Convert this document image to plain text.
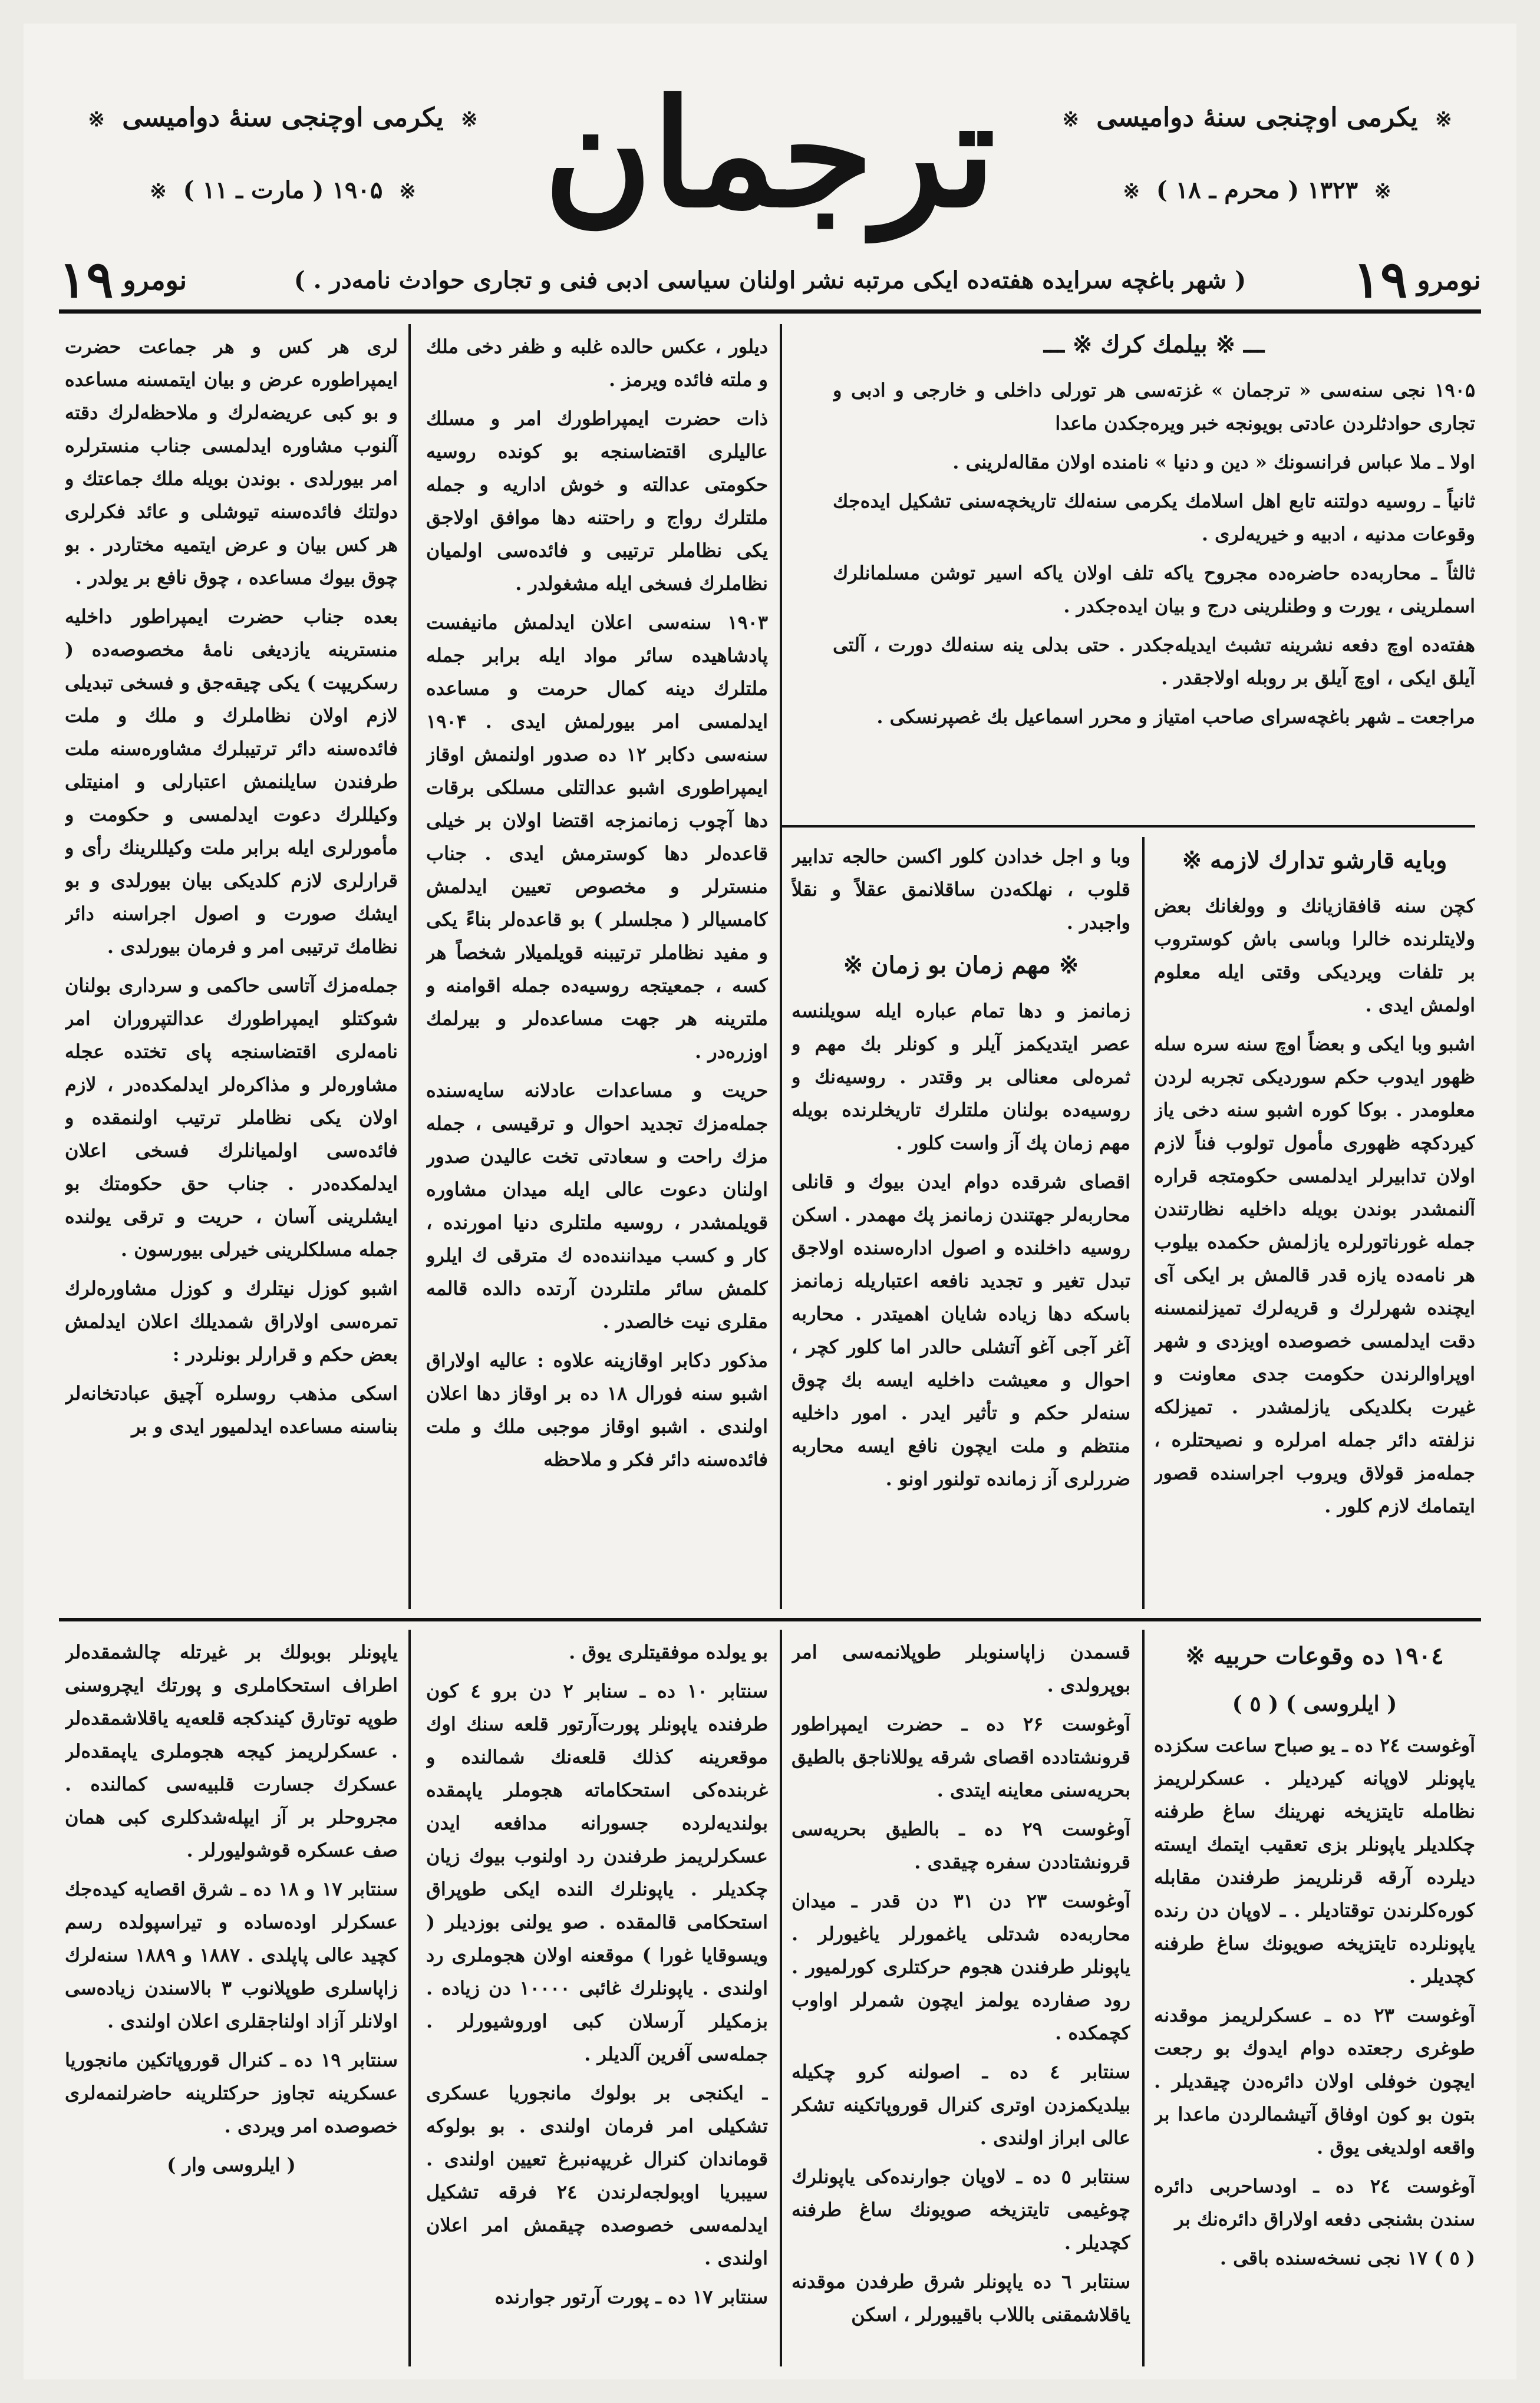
ترجمان	※ یكرمی اوچنجی سنۀ دوامیسی ※
※ ۱۳۲۳ ( محرم ـ ۱۸ ) ※
※ یكرمی اوچنجی سنۀ دوامیسی ※
※ ۱۹۰۵ ( مارت ـ ۱۱ ) ※
نومرو
۱۹
( شهر باغچه سرایده هفته‌ده ایكی مرتبه نشر اولنان سیاسی ادبی فنی و تجاری حوادث نامه‌در . )
نومرو
۱۹
ـــ ※ بیلمك كرك ※ ـــ

۱۹۰۵ نجی سنه‌سی « ترجمان » غزته‌سی هر تورلی داخلی و خارجی و ادبی و تجاری حوادثلردن عادتی بویونجه خبر ویره‌جكدن ماعدا

اولا ـ ملا عباس فرانسونك « دین و دنیا » نامنده اولان مقاله‌لرینی .

ثانیاً ـ روسیه دولتنه تابع اهل اسلامك یكرمی سنه‌لك تاریخچه‌سنی تشكیل ایده‌جك وقوعات مدنیه ، ادبیه و خیریه‌لری .

ثالثاً ـ محاربه‌ده حاضره‌ده مجروح یاكه تلف اولان یاكه اسیر توشن مسلمانلرك اسملرینی ، یورت و وطنلرینی درج و بیان ایده‌جكدر .

هفته‌ده اوچ دفعه نشرینه تشبث ایدیله‌جكدر . حتی بدلی ینه سنه‌لك دورت ، آلتی آیلق ایكی ، اوچ آیلق بر روبله اولاجقدر .

مراجعت ـ شهر باغچه‌سرای صاحب امتیاز و محرر اسماعیل بك غصپرنسكی .

دیلور ، عكس حالده غلبه و ظفر دخی ملك و ملته فائده ویرمز .

ذات حضرت ایمپراطورك امر و مسلك عالیلری اقتضاسنجه بو كونده روسیه حكومتی عدالته و خوش اداریه و جمله ملتلرك رواج و راحتنه دها موافق اولاجق یكی نظاملر ترتیبی و فائده‌سی اولمیان نظاملرك فسخی ایله مشغولدر .

۱۹۰۳ سنه‌سی اعلان ایدلمش مانیفست پادشاهیده سائر مواد ایله برابر جمله ملتلرك دینه كمال حرمت و مساعده ایدلمسی امر بیورلمش ایدی . ۱۹۰۴ سنه‌سی دكابر ۱۲ ده صدور اولنمش اوقاز ایمپراطوری اشبو عدالتلی مسلكی برقات دها آچوب زمانمزجه اقتضا اولان بر خیلی قاعده‌لر دها كوسترمش ایدی . جناب منسترلر و مخصوص تعیین ایدلمش كامسیالر ( مجلسلر ) بو قاعده‌لر بناءً یكی و مفید نظاملر ترتیبنه قویلمیلار شخصاً هر كسه ، جمعیتجه روسیه‌ده جمله اقوامنه و ملترینه هر جهت مساعده‌لر و بیرلمك اوزره‌در .

حریت و مساعدات عادلانه سایه‌سنده جمله‌مزك تجدید احوال و ترقیسی ، جمله مزك راحت و سعادتی تخت عالیدن صدور اولنان دعوت عالی ایله میدان مشاوره قویلمشدر ، روسیه ملتلری دنیا امورنده ، كار و كسب میداننده‌ده ك مترقی ك ایلرو كلمش سائر ملتلردن آرتده دالده قالمه مقلری نیت خالصدر .

مذكور دكابر اوقازینه علاوه : عالیه اولاراق اشبو سنه فورال ۱۸ ده بر اوقاز دها اعلان اولندی . اشبو اوقاز موجبی ملك و ملت فائده‌سنه دائر فكر و ملاحظه

لری هر كس و هر جماعت حضرت ایمپراطوره عرض و بیان ایتمسنه مساعده و بو كبی عریضه‌لرك و ملاحظه‌لرك دقته آلنوب مشاوره ایدلمسی جناب منسترلره امر بیورلدی . بوندن بویله ملك جماعتك و دولتك فائده‌سنه تیوشلی و عائد فكرلری هر كس بیان و عرض ایتمیه مختاردر . بو چوق بیوك مساعده ، چوق نافع بر یولدر .

بعده جناب حضرت ایمپراطور داخلیه منسترینه یازدیغی نامۀ مخصوصه‌ده ( رسكریپت ) یكی چیقه‌جق و فسخی تبدیلی لازم اولان نظاملرك و ملك و ملت فائده‌سنه دائر ترتیبلرك مشاوره‌سنه ملت طرفندن سایلنمش اعتبارلی و امنیتلی وكیللرك دعوت ایدلمسی و حكومت و مأمورلری ایله برابر ملت وكیللرینك رأی و قرارلری لازم كلدیكی بیان بیورلدی و بو ایشك صورت و اصول اجراسنه دائر نظامك ترتیبی امر و فرمان بیورلدی .

جمله‌مزك آتاسی حاكمی و سرداری بولنان شوكتلو ایمپراطورك عدالتپروران امر نامه‌لری اقتضاسنجه پای تختده عجله مشاوره‌لر و مذاكره‌لر ایدلمكده‌در ، لازم اولان یكی نظاملر ترتیب اولنمقده و فائده‌سی اولمیانلرك فسخی اعلان ایدلمكده‌در . جناب حق حكومتك بو ایشلرینی آسان ، حریت و ترقی یولنده جمله مسلكلرینی خیرلی بیورسون .

اشبو كوزل نیتلرك و كوزل مشاوره‌لرك تمره‌سی اولاراق شمدیلك اعلان ایدلمش بعض حكم و قرارلر بونلردر :

اسكی مذهب روسلره آچیق عبادتخانه‌لر بناسنه مساعده ایدلمیور ایدی و بر

وبایه قارشو تدارك لازمه ※

كچن سنه قافقازیانك و وولغانك بعض ولایتلرنده خالرا وباسی باش كوستروب بر تلفات ویردیكی وقتی ایله معلوم اولمش ایدی .

اشبو وبا ایكی و بعضاً اوچ سنه سره سله ظهور ایدوب حكم سوردیكی تجربه لردن معلومدر . بوكا كوره اشبو سنه دخی یاز كیردكچه ظهوری مأمول تولوب فناً لازم اولان تدابیرلر ایدلمسی حكومتجه قراره آلنمشدر بوندن بویله داخلیه نظارتندن جمله غورناتورلره یازلمش حكمده بیلوب هر نامه‌ده یازه قدر قالمش بر ایكی آی ایچنده شهرلرك و قریه‌لرك تمیزلنمسنه دقت ایدلمسی خصوصده اویزدی و شهر اوپراوالرندن حكومت جدی معاونت و غیرت بكلدیكی یازلمشدر . تمیزلكه نزلفته دائر جمله امرلره و نصیحتلره ، جمله‌مز قولاق ویروب اجراسنده قصور ایتمامك لازم كلور .

وبا و اجل خدادن كلور اكسن حالجه تدابیر قلوب ، نهلكه‌دن ساقلانمق عقلاً و نقلاً واجبدر .

※ مهم زمان بو زمان ※

زمانمز و دها تمام عباره ایله سویلنسه عصر ایتدیكمز آیلر و كونلر بك مهم و ثمره‌لی معنالی بر وقتدر . روسیه‌نك و روسیه‌ده بولنان ملتلرك تاریخلرنده بویله مهم زمان پك آز واست كلور .

اقصای شرقده دوام ایدن بیوك و قانلی محاربه‌لر جهتندن زمانمز پك مهمدر . اسكن روسیه داخلنده و اصول اداره‌سنده اولاجق تبدل تغیر و تجدید نافعه اعتباریله زمانمز باسكه دها زیاده شایان اهمیتدر . محاربه آغر آجی آغو آتشلی حالدر اما كلور كچر ، احوال و معیشت داخلیه ایسه بك چوق سنه‌لر حكم و تأثیر ایدر . امور داخلیه منتظم و ملت ایچون نافع ایسه محاربه ضررلری آز زمانده تولنور اونو .

یاپونلر بوبولك بر غیرتله چالشمقده‌لر اطراف استحكاملری و پورتك ایچروسنی طوپه توتارق كیندكجه قلعه‌یه یاقلاشمقده‌لر . عسكرلریمز كیجه هجوملری یاپمقده‌لر عسكرك جسارت قلبیه‌سی كمالنده . مجروحلر بر آز ایپله‌شدكلری كبی همان صف عسكره قوشولیورلر .

سنتابر ۱۷ و ۱۸ ده ـ شرق اقصایه كیده‌جك عسكرلر اوده‌ساده و تیراسپولده رسم كچید عالی پاپلدی . ۱۸۸۷ و ۱۸۸۹ سنه‌لرك زاپاسلری طوپلانوب ۳ بالاسندن زیاده‌سی اولانلر آزاد اولناجقلری اعلان اولندی .

سنتابر ۱۹ ده ـ كنرال قوروپاتكین مانجوریا عسكرینه تجاوز حركتلرینه حاضرلنمه‌لری خصوصده امر ویردی .

( ایلروسی وار )

بو یولده موفقیتلری یوق .

سنتابر ۱۰ ده ـ سنابر ۲ دن برو ٤ كون طرفنده یاپونلر پورت‌آرتور قلعه سنك اوك موقعرینه كذلك قلعه‌نك شمالنده و غربنده‌كی استحكاماته هجوملر یاپمقده بولندیه‌لرده جسورانه مدافعه ایدن عسكرلریمز طرفندن رد اولنوب بیوك زیان چكدیلر . یاپونلرك النده ایكی طوپراق استحكامی قالمقده . صو یولنی بوزدیلر ( ویسوقایا غورا ) موقعنه اولان هجوملری رد اولندی . یاپونلرك غائبی ۱۰۰۰۰ دن زیاده . بزمكیلر آرسلان كبی اوروشیورلر . جمله‌سی آفرین آلدیلر .

ـ ایكنجی بر بولوك مانجوریا عسكری تشكیلی امر فرمان اولندی . بو بولوكه قوماندان كنرال غریپه‌نبرغ تعیین اولندی . سیبریا اوبولجه‌لرندن ۲٤ فرقه تشكیل ایدلمه‌سی خصوصده چیقمش امر اعلان اولندی .

سنتابر ۱۷ ده ـ پورت آرتور جوارنده

قسمدن زاپاسنوبلر طوپلانمه‌سی امر بوپرولدی .

آوغوست ۲۶ ده ـ حضرت ایمپراطور قرونشتادده اقصای شرقه یوللاناجق بالطیق بحریه‌سنی معاینه ایتدی .

آوغوست ۲۹ ده ـ بالطیق بحریه‌سی قرونشتاددن سفره چیقدی .

آوغوست ۲۳ دن ۳۱ دن قدر ـ میدان محاربه‌ده شدتلی یاغمورلر یاغیورلر . یاپونلر طرفندن هجوم حركتلری كورلمیور . رود صفارده یولمز ایچون شمرلر اواوب كچمكده .

سنتابر ٤ ده ـ اصولنه كرو چكیله بیلدیكمزدن اوتری كنرال قوروپاتكینه تشكر عالی ابراز اولندی .

سنتابر ٥ ده ـ لاوپان جوارنده‌كی یاپونلرك چوغیمی تایتزیخه صویونك ساغ طرفنه كچدیلر .

سنتابر ٦ ده یاپونلر شرق طرفدن موقدنه یاقلاشمقنی باللاب باقیبورلر ، اسكن

۱۹۰٤ ده وقوعات حربیه ※
( ایلروسی ) ( ٥ )

آوغوست ۲٤ ده ـ یو صباح ساعت سكزده یاپونلر لاوپانه كیردیلر . عسكرلریمز نظامله تایتزیخه نهرینك ساغ طرفنه چكلدیلر یاپونلر بزی تعقیب ایتمك ایسته دیلرده آرقه قرنلریمز طرفندن مقابله كوره‌كلرندن توقتادیلر . ـ لاوپان دن رنده یاپونلرده تایتزیخه صویونك ساغ طرفنه كچدیلر .

آوغوست ۲۳ ده ـ عسكرلریمز موقدنه طوغری رجعتده دوام ایدوك بو رجعت ایچون خوفلی اولان دائره‌دن چیقدیلر . بتون بو كون اوفاق آتیشمالردن ماعدا بر واقعه اولدیغی یوق .

آوغوست ۲٤ ده ـ اودساحربی دائره سندن بشنجی دفعه اولاراق دائره‌نك بر

( ٥ ) ۱۷ نجی نسخه‌سنده باقی .
